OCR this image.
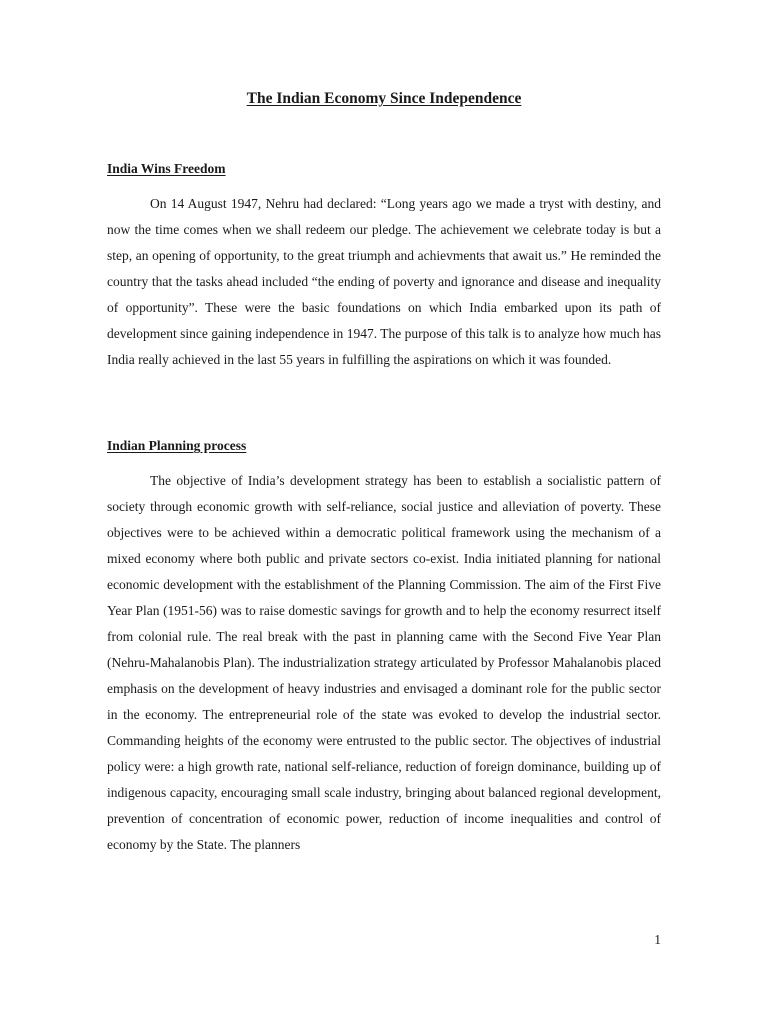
The Indian Economy Since Independence
India Wins Freedom

On 14 August 1947, Nehru had declared: “Long years ago we made a tryst with destiny, and now the time comes when we shall redeem our pledge. The achievement we celebrate today is but a step, an opening of opportunity, to the great triumph and achievments that await us.” He reminded the country that the tasks ahead included “the ending of poverty and ignorance and disease and inequality of opportunity”. These were the basic foundations on which India embarked upon its path of development since gaining independence in 1947. The purpose of this talk is to analyze how much has India really achieved in the last 55 years in fulfilling the aspirations on which it was founded.

Indian Planning process

The objective of India’s development strategy has been to establish a socialistic pattern of society through economic growth with self-reliance, social justice and alleviation of poverty. These objectives were to be achieved within a democratic political framework using the mechanism of a mixed economy where both public and private sectors co-exist. India initiated planning for national economic development with the establishment of the Planning Commission. The aim of the First Five Year Plan (1951-56) was to raise domestic savings for growth and to help the economy resurrect itself from colonial rule. The real break with the past in planning came with the Second Five Year Plan (Nehru-Mahalanobis Plan). The industrialization strategy articulated by Professor Mahalanobis placed emphasis on the development of heavy industries and envisaged a dominant role for the public sector in the economy. The entrepreneurial role of the state was evoked to develop the industrial sector. Commanding heights of the economy were entrusted to the public sector. The objectives of industrial policy were: a high growth rate, national self-reliance, reduction of foreign dominance, building up of indigenous capacity, encouraging small scale industry, bringing about balanced regional development, prevention of concentration of economic power, reduction of income inequalities and control of economy by the State. The planners

1
